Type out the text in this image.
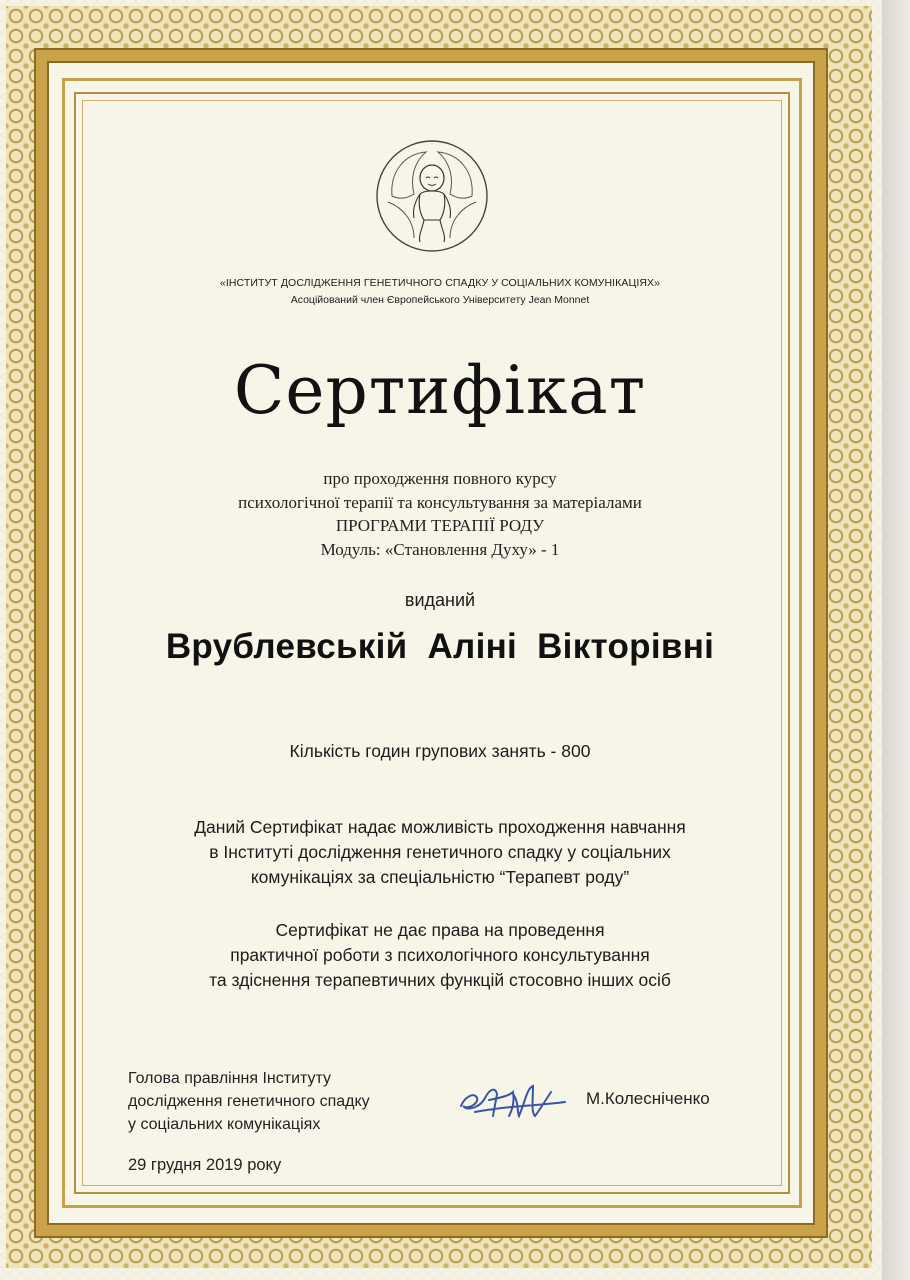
«ІНСТИТУТ ДОСЛІДЖЕННЯ ГЕНЕТИЧНОГО СПАДКУ У СОЦІАЛЬНИХ КОМУНІКАЦІЯХ»

Асоційований член Європейського Університету Jean Monnet

Сертифікат

про проходження повного курсу

психологічної терапії та консультування за матеріалами

ПРОГРАМИ ТЕРАПІЇ РОДУ

Модуль: «Становлення Духу» - 1

виданий

Врублевській Аліні Вікторівні

Кількість годин групових занять - 800

Даний Сертифікат надає можливість проходження навчання
в Інституті дослідження генетичного спадку у соціальних
комунікаціях за спеціальністю “Терапевт роду”
Сертифікат не дає права на проведення
практичної роботи з психологічного консультування
та здіснення терапевтичних функцій стосовно інших осіб
Голова правління Інституту
дослідження генетичного спадку
у соціальних комунікаціях
М.Колесніченко
29 грудня 2019 року
